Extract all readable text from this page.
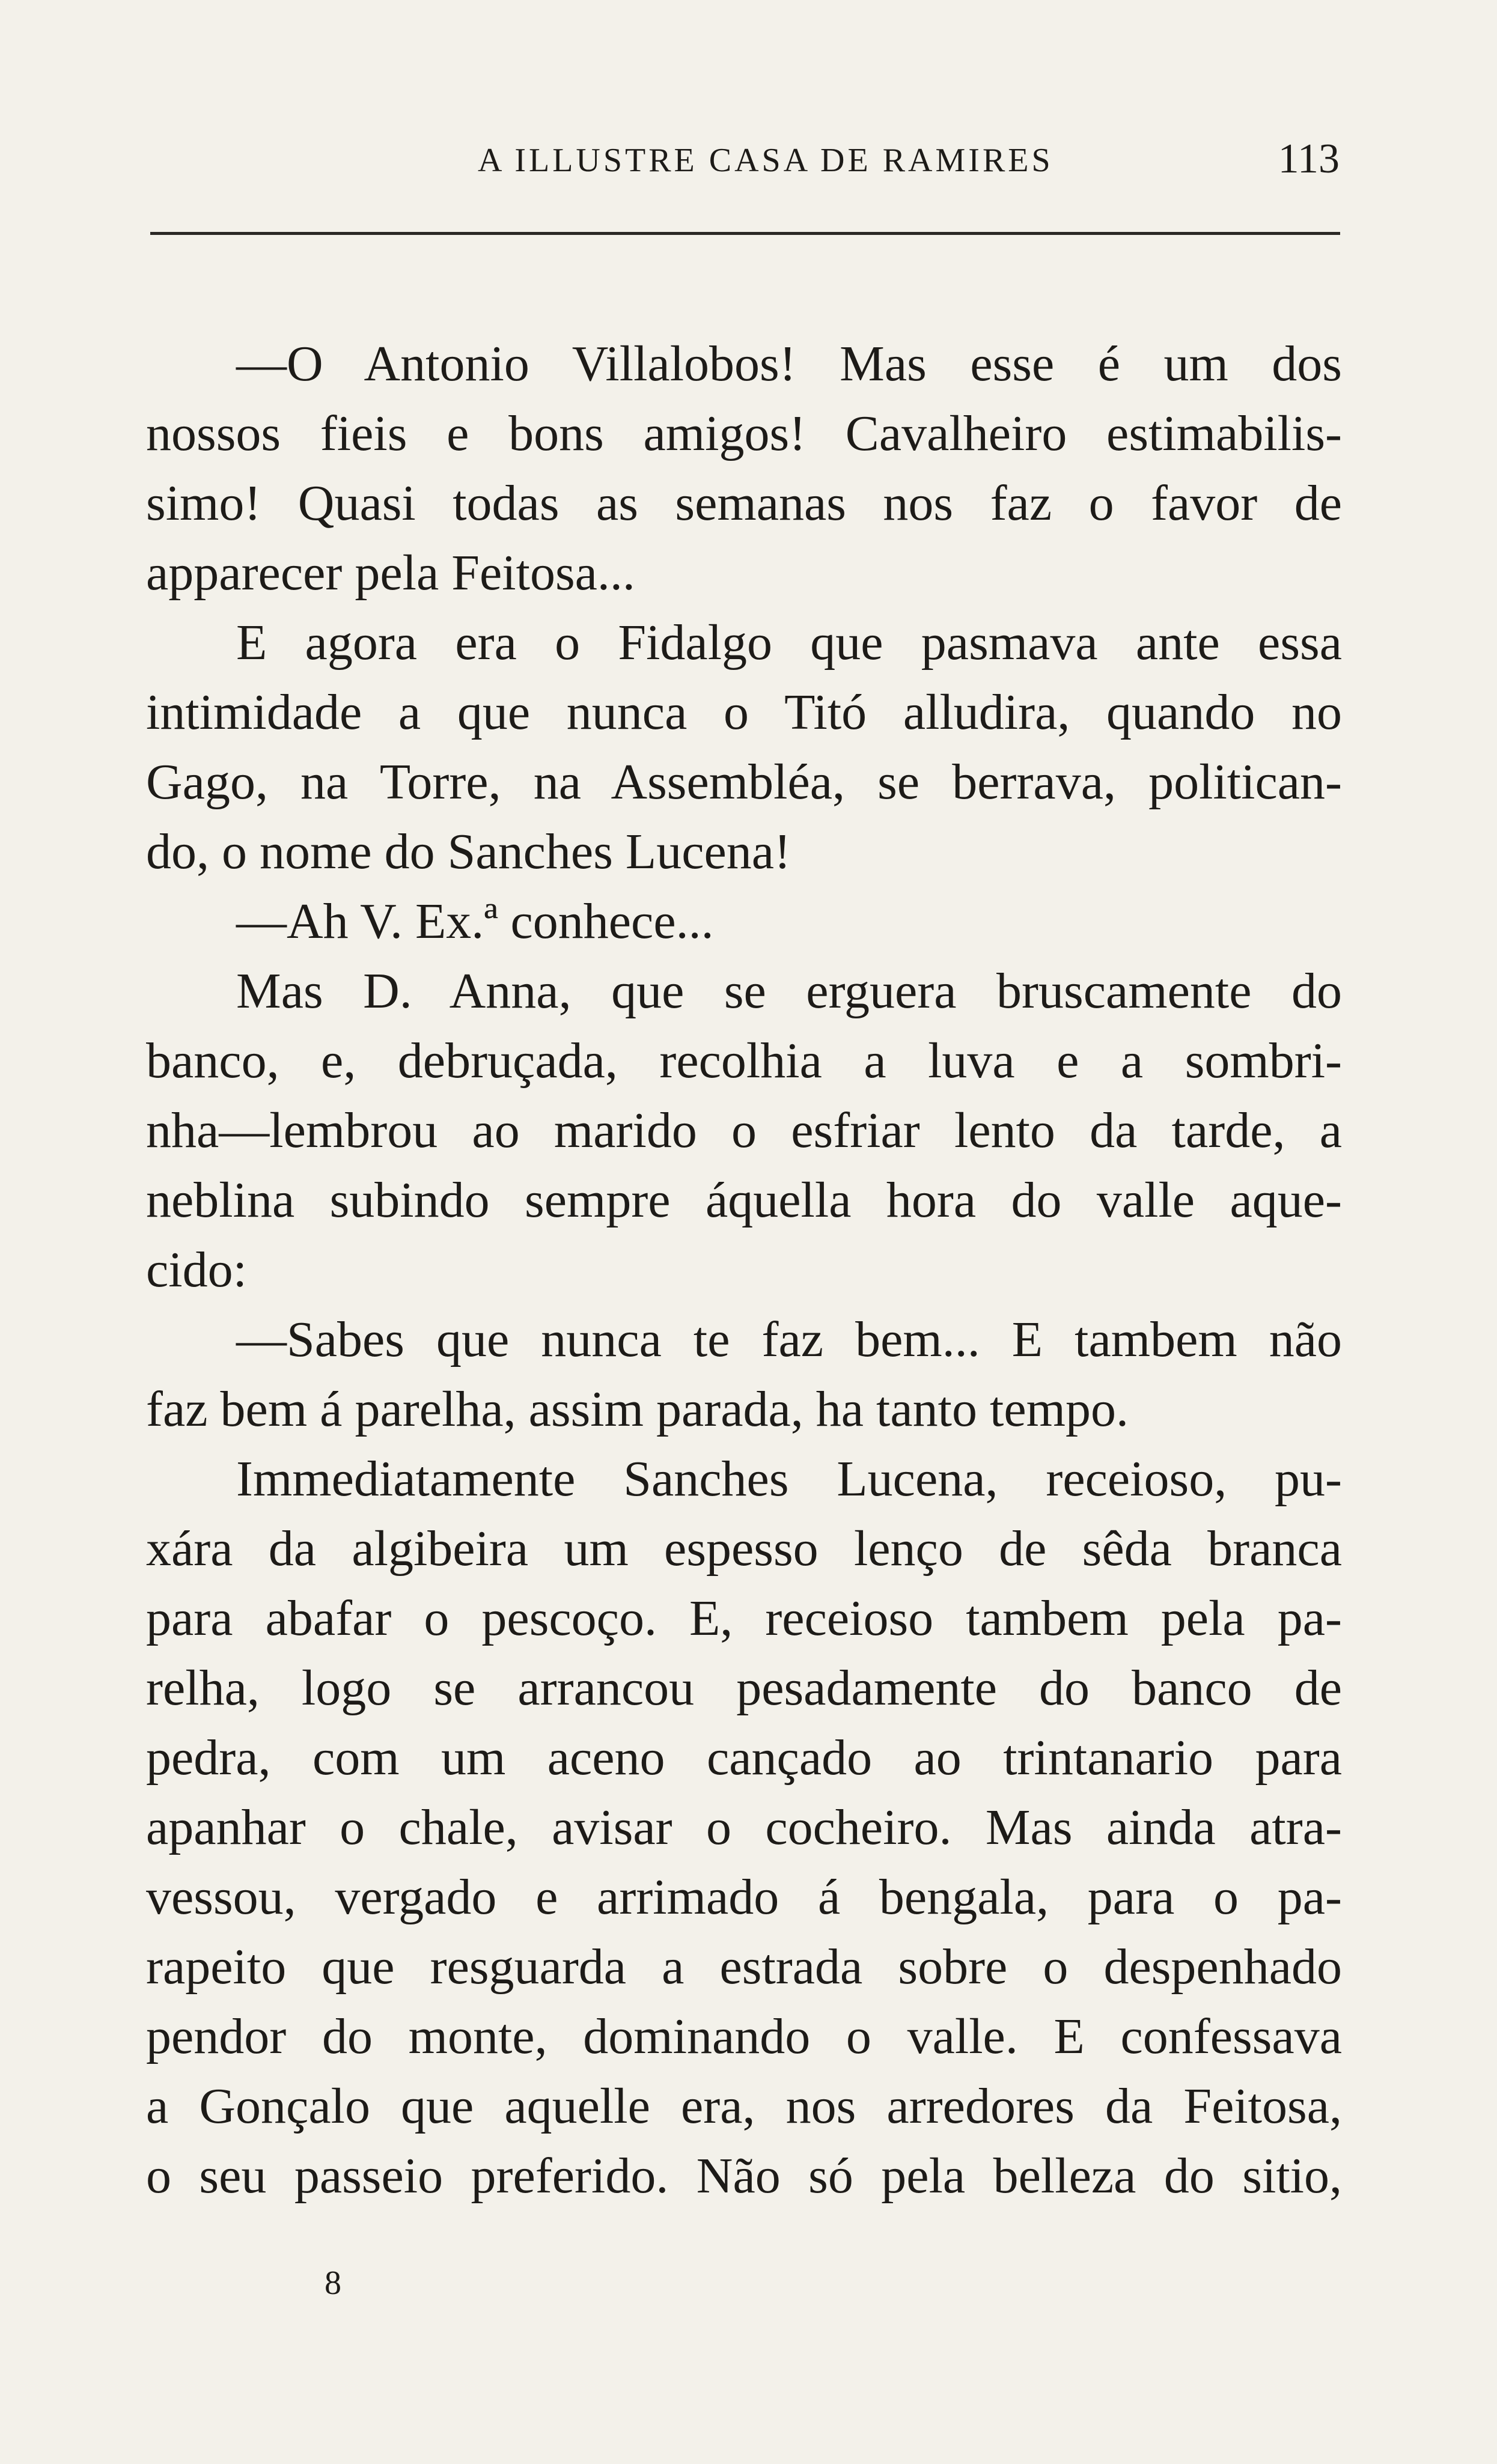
A ILLUSTRE CASA DE RAMIRES	113
—O Antonio Villalobos! Mas esse é um dos
nossos fieis e bons amigos! Cavalheiro estimabilis-
simo! Quasi todas as semanas nos faz o favor de
apparecer pela Feitosa...
E agora era o Fidalgo que pasmava ante essa
intimidade a que nunca o Titó alludira, quando no
Gago, na Torre, na Assembléa, se berrava, politican-
do, o nome do Sanches Lucena!
—Ah V. Ex.ª conhece...
Mas D. Anna, que se erguera bruscamente do
banco, e, debruçada, recolhia a luva e a sombri-
nha—lembrou ao marido o esfriar lento da tarde, a
neblina subindo sempre áquella hora do valle aque-
cido:
—Sabes que nunca te faz bem... E tambem não
faz bem á parelha, assim parada, ha tanto tempo.
Immediatamente Sanches Lucena, receioso, pu-
xára da algibeira um espesso lenço de sêda branca
para abafar o pescoço. E, receioso tambem pela pa-
relha, logo se arrancou pesadamente do banco de
pedra, com um aceno cançado ao trintanario para
apanhar o chale, avisar o cocheiro. Mas ainda atra-
vessou, vergado e arrimado á bengala, para o pa-
rapeito que resguarda a estrada sobre o despenhado
pendor do monte, dominando o valle. E confessava
a Gonçalo que aquelle era, nos arredores da Feitosa,
o seu passeio preferido. Não só pela belleza do sitio,
8
